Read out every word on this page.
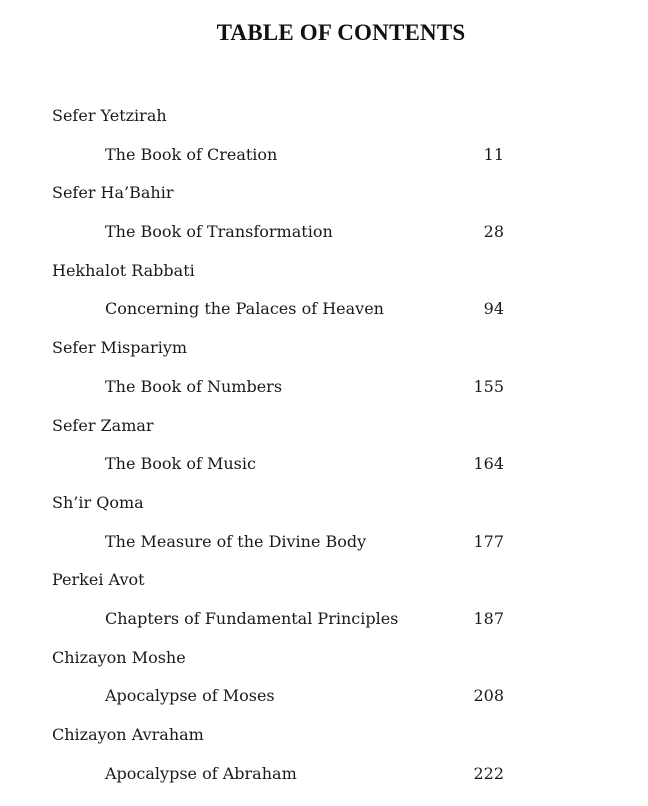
TABLE OF CONTENTS
Sefer Yetzirah
The Book of Creation	11
Sefer Ha’Bahir
The Book of Transformation	28
Hekhalot Rabbati
Concerning the Palaces of Heaven	94
Sefer Mispariym
The Book of Numbers	155
Sefer Zamar
The Book of Music	164
Sh’ir Qoma
The Measure of the Divine Body	177
Perkei Avot
Chapters of Fundamental Principles	187
Chizayon Moshe
Apocalypse of Moses	208
Chizayon Avraham
Apocalypse of Abraham	222
